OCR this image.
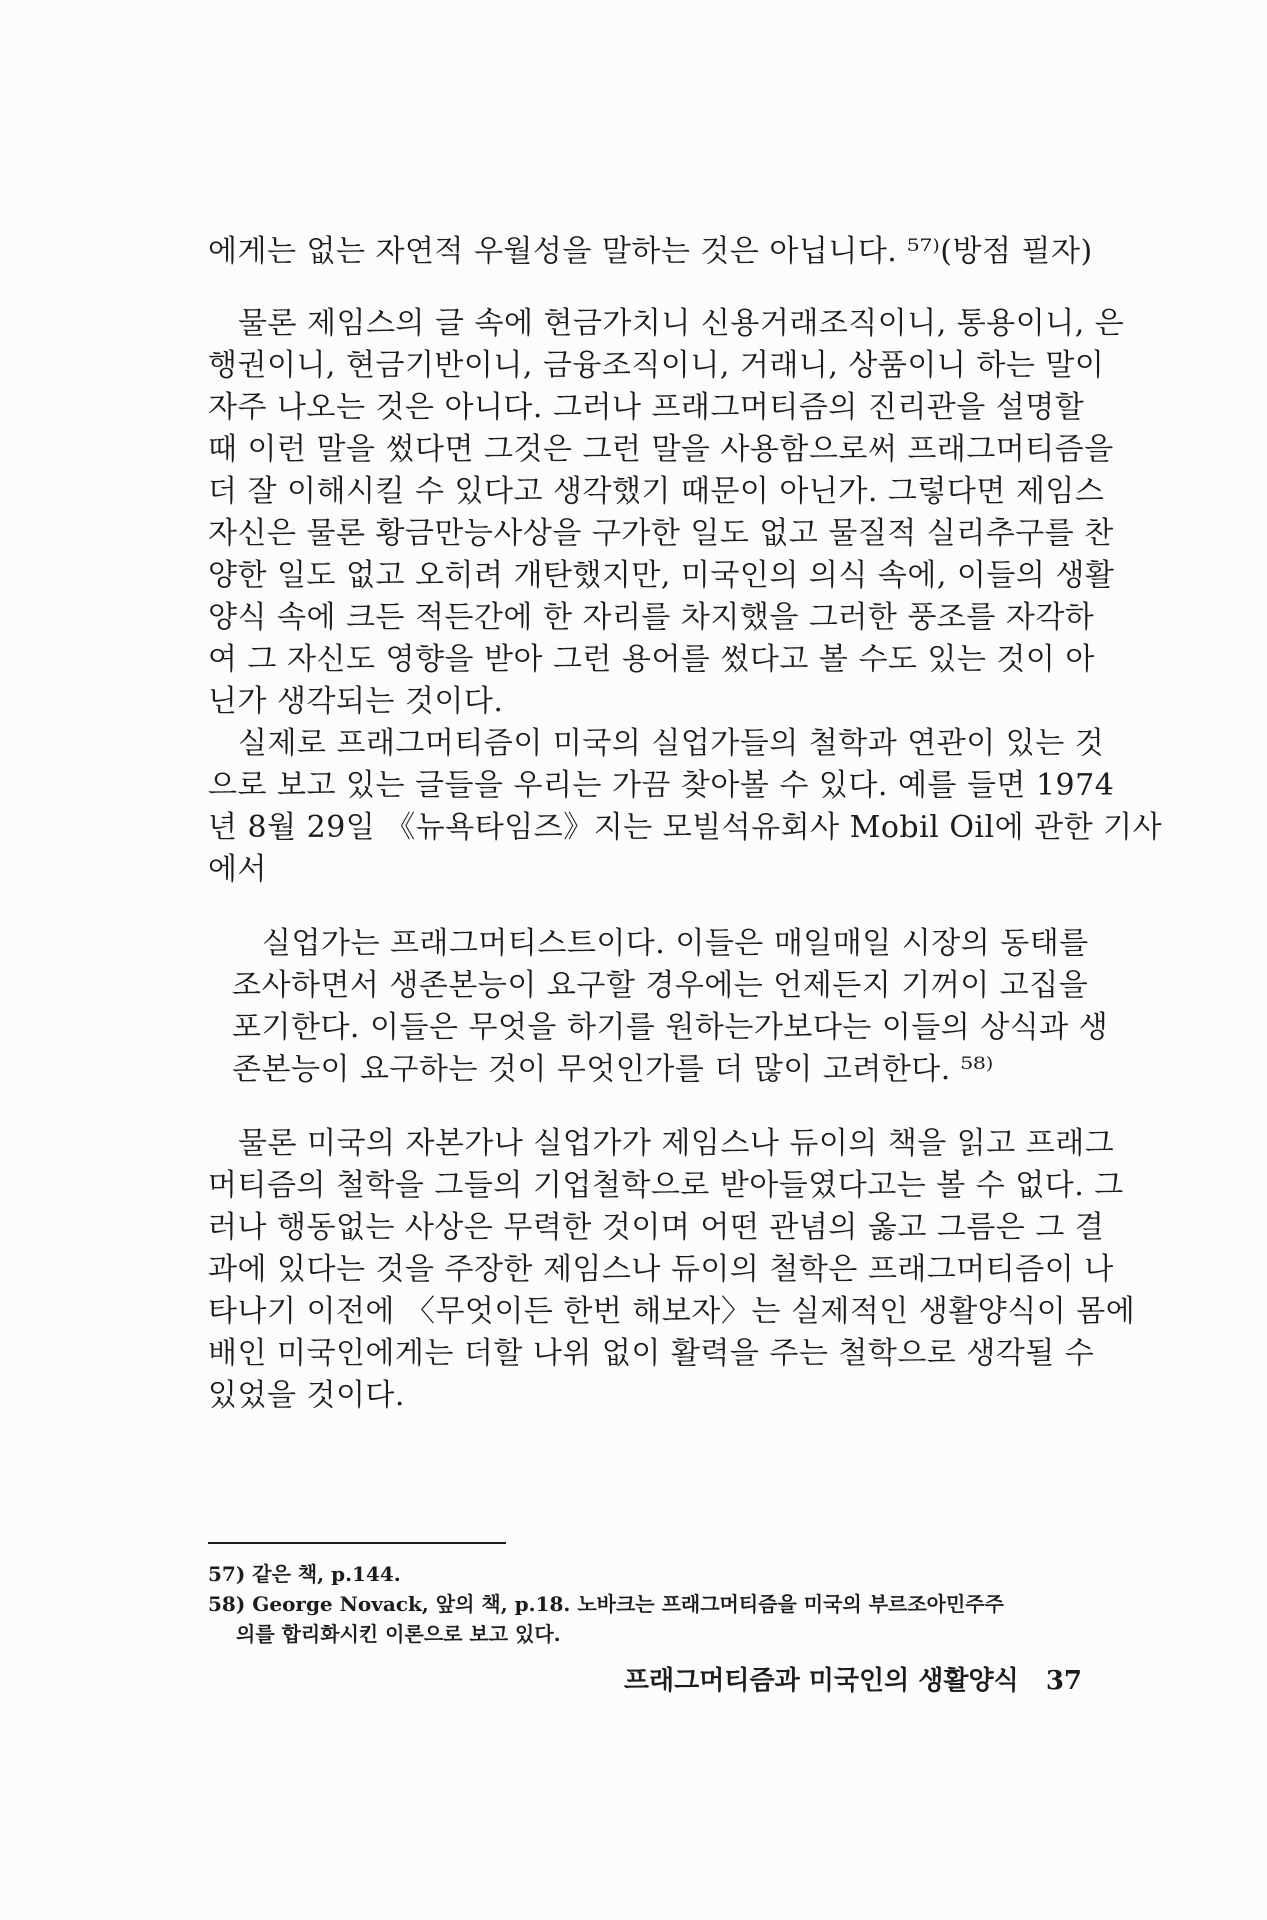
에게는 없는 자연적 우월성을 말하는 것은 아닙니다. ⁵⁷⁾(방점 필자)
물론 제임스의 글 속에 현금가치니 신용거래조직이니, 통용이니, 은
행권이니, 현금기반이니, 금융조직이니, 거래니, 상품이니 하는 말이
자주 나오는 것은 아니다. 그러나 프래그머티즘의 진리관을 설명할
때 이런 말을 썼다면 그것은 그런 말을 사용함으로써 프래그머티즘을
더 잘 이해시킬 수 있다고 생각했기 때문이 아닌가. 그렇다면 제임스
자신은 물론 황금만능사상을 구가한 일도 없고 물질적 실리추구를 찬
양한 일도 없고 오히려 개탄했지만, 미국인의 의식 속에, 이들의 생활
양식 속에 크든 적든간에 한 자리를 차지했을 그러한 풍조를 자각하
여 그 자신도 영향을 받아 그런 용어를 썼다고 볼 수도 있는 것이 아
닌가 생각되는 것이다.
실제로 프래그머티즘이 미국의 실업가들의 철학과 연관이 있는 것
으로 보고 있는 글들을 우리는 가끔 찾아볼 수 있다. 예를 들면 1974
년 8월 29일 《뉴욕타임즈》지는 모빌석유회사 Mobil Oil에 관한 기사
에서
실업가는 프래그머티스트이다. 이들은 매일매일 시장의 동태를
조사하면서 생존본능이 요구할 경우에는 언제든지 기꺼이 고집을
포기한다. 이들은 무엇을 하기를 원하는가보다는 이들의 상식과 생
존본능이 요구하는 것이 무엇인가를 더 많이 고려한다. ⁵⁸⁾
물론 미국의 자본가나 실업가가 제임스나 듀이의 책을 읽고 프래그
머티즘의 철학을 그들의 기업철학으로 받아들였다고는 볼 수 없다. 그
러나 행동없는 사상은 무력한 것이며 어떤 관념의 옳고 그름은 그 결
과에 있다는 것을 주장한 제임스나 듀이의 철학은 프래그머티즘이 나
타나기 이전에 〈무엇이든 한번 해보자〉는 실제적인 생활양식이 몸에
배인 미국인에게는 더할 나위 없이 활력을 주는 철학으로 생각될 수
있었을 것이다.
57) 같은 책, p.144.
58) George Novack, 앞의 책, p.18. 노바크는 프래그머티즘을 미국의 부르조아민주주
의를 합리화시킨 이론으로 보고 있다.
프래그머티즘과 미국인의 생활양식 37
